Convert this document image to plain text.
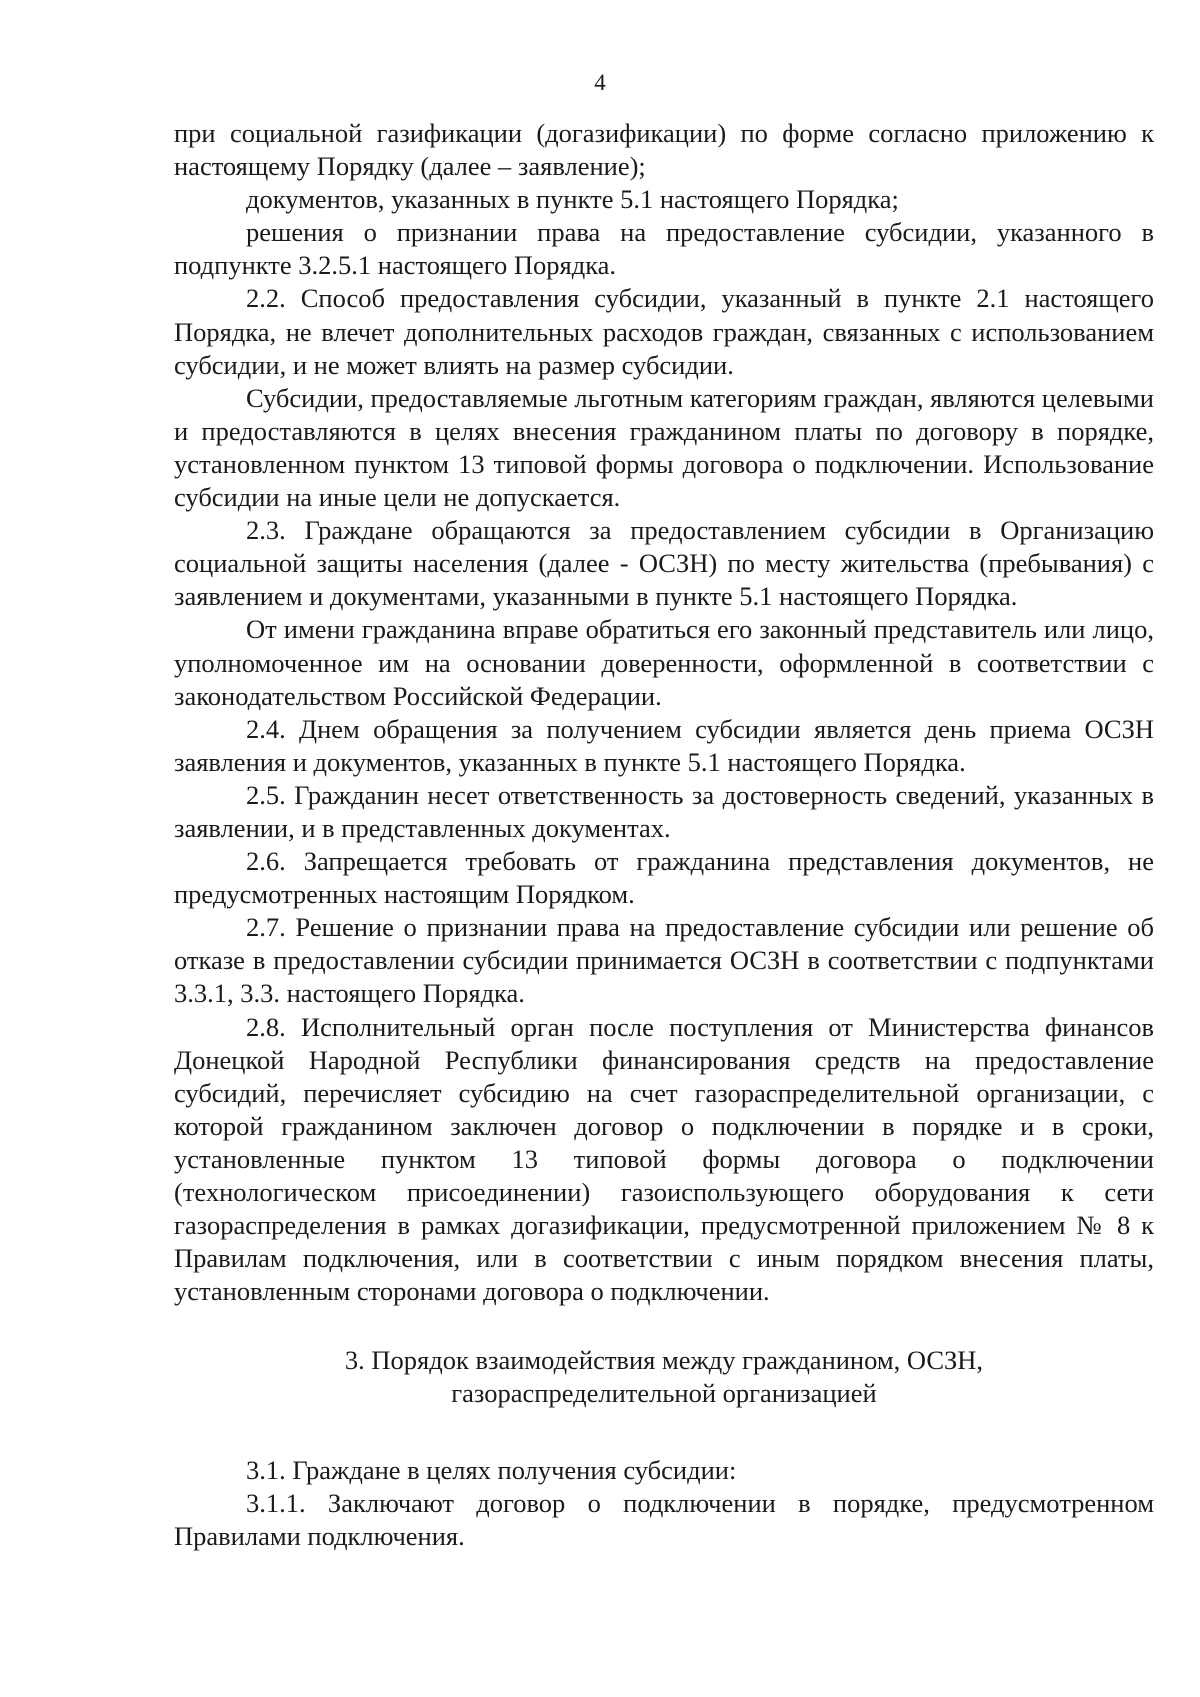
4

при социальной газификации (догазификации) по форме согласно приложению к настоящему Порядку (далее – заявление);

документов, указанных в пункте 5.1 настоящего Порядка;

решения о признании права на предоставление субсидии, указанного в подпункте 3.2.5.1 настоящего Порядка.

2.2. Способ предоставления субсидии, указанный в пункте 2.1 настоящего Порядка, не влечет дополнительных расходов граждан, связанных с использованием субсидии, и не может влиять на размер субсидии.

Субсидии, предоставляемые льготным категориям граждан, являются целевыми и предоставляются в целях внесения гражданином платы по договору в порядке, установленном пунктом 13 типовой формы договора о подключении. Использование субсидии на иные цели не допускается.

2.3. Граждане обращаются за предоставлением субсидии в Организацию социальной защиты населения (далее - ОСЗН) по месту жительства (пребывания) с заявлением и документами, указанными в пункте 5.1 настоящего Порядка.

От имени гражданина вправе обратиться его законный представитель или лицо, уполномоченное им на основании доверенности, оформленной в соответствии с законодательством Российской Федерации.

2.4. Днем обращения за получением субсидии является день приема ОСЗН заявления и документов, указанных в пункте 5.1 настоящего Порядка.

2.5. Гражданин несет ответственность за достоверность сведений, указанных в заявлении, и в представленных документах.

2.6. Запрещается требовать от гражданина представления документов, не предусмотренных настоящим Порядком.

2.7. Решение о признании права на предоставление субсидии или решение об отказе в предоставлении субсидии принимается ОСЗН в соответствии с подпунктами 3.3.1, 3.3. настоящего Порядка.

2.8. Исполнительный орган после поступления от Министерства финансов Донецкой Народной Республики финансирования средств на предоставление субсидий, перечисляет субсидию на счет газораспределительной организации, с которой гражданином заключен договор о подключении в порядке и в сроки, установленные пунктом 13 типовой формы договора о подключении (технологическом присоединении) газоиспользующего оборудования к сети газораспределения в рамках догазификации, предусмотренной приложением № 8 к Правилам подключения, или в соответствии с иным порядком внесения платы, установленным сторонами договора о подключении.

3. Порядок взаимодействия между гражданином, ОСЗН,
газораспределительной организацией

3.1. Граждане в целях получения субсидии:

3.1.1. Заключают договор о подключении в порядке, предусмотренном Правилами подключения.
